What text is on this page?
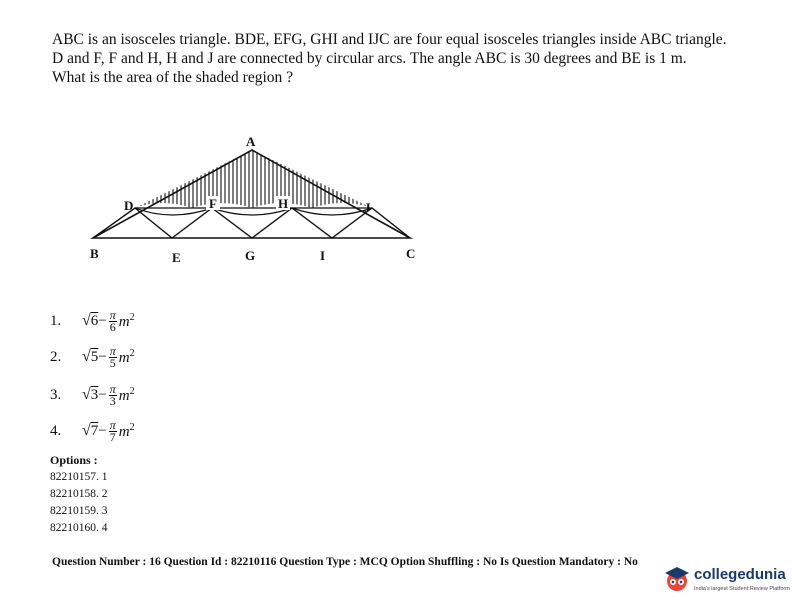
ABC is an isosceles triangle. BDE, EFG, GHI and IJC are four equal isosceles triangles inside ABC triangle.

D and F, F and H, H and J are connected by circular arcs. The angle ABC is 30 degrees and BE is 1 m.

What is the area of the shaded region ?

A
B	C
D
E
F
G
H
I
J
1.	√ $6 - \frac{\pi}{6} m^2$
2.	√ $5 - \frac{\pi}{5} m^2$
3.	√ $3 - \frac{\pi}{3} m^2$
4.	√ $7 - \frac{\pi}{7} m^2$
Options :
82210157. 1
82210158. 2
82210159. 3
82210160. 4
Question Number : 16 Question Id : 82210116 Question Type : MCQ Option Shuffling : No Is Question Mandatory : No
collegedunia
India's largest Student Review Platform
